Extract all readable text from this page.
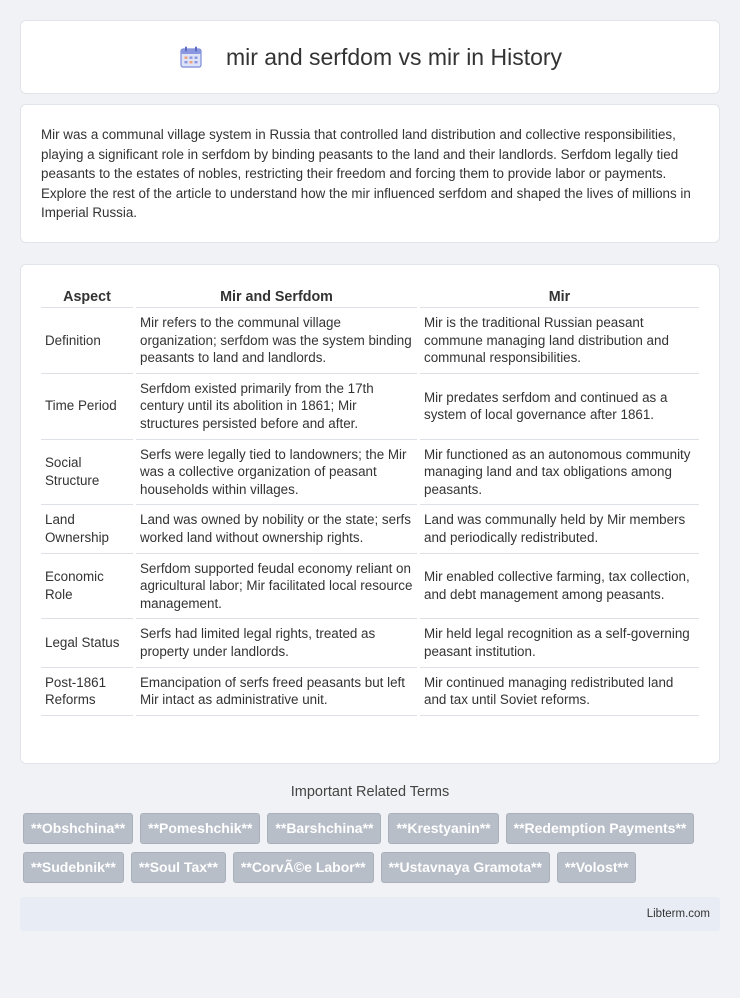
mir and serfdom vs mir in History

Mir was a communal village system in Russia that controlled land distribution and collective responsibilities, playing a significant role in serfdom by binding peasants to the land and their landlords. Serfdom legally tied peasants to the estates of nobles, restricting their freedom and forcing them to provide labor or payments. Explore the rest of the article to understand how the mir influenced serfdom and shaped the lives of millions in Imperial Russia.

Aspect	Mir and Serfdom	Mir
Definition	Mir refers to the communal village organization; serfdom was the system binding peasants to land and landlords.	Mir is the traditional Russian peasant commune managing land distribution and communal responsibilities.
Time Period	Serfdom existed primarily from the 17th century until its abolition in 1861; Mir structures persisted before and after.	Mir predates serfdom and continued as a system of local governance after 1861.
Social Structure	Serfs were legally tied to landowners; the Mir was a collective organization of peasant households within villages.	Mir functioned as an autonomous community managing land and tax obligations among peasants.
Land Ownership	Land was owned by nobility or the state; serfs worked land without ownership rights.	Land was communally held by Mir members and periodically redistributed.
Economic Role	Serfdom supported feudal economy reliant on agricultural labor; Mir facilitated local resource management.	Mir enabled collective farming, tax collection, and debt management among peasants.
Legal Status	Serfs had limited legal rights, treated as property under landlords.	Mir held legal recognition as a self-governing peasant institution.
Post-1861 Reforms	Emancipation of serfs freed peasants but left Mir intact as administrative unit.	Mir continued managing redistributed land and tax until Soviet reforms.
Important Related Terms
**Obshchina**	**Pomeshchik**	**Barshchina**	**Krestyanin**	**Redemption Payments**
**Sudebnik**	**Soul Tax**	**CorvÃ©e Labor**	**Ustavnaya Gramota**	**Volost**
Libterm.com
